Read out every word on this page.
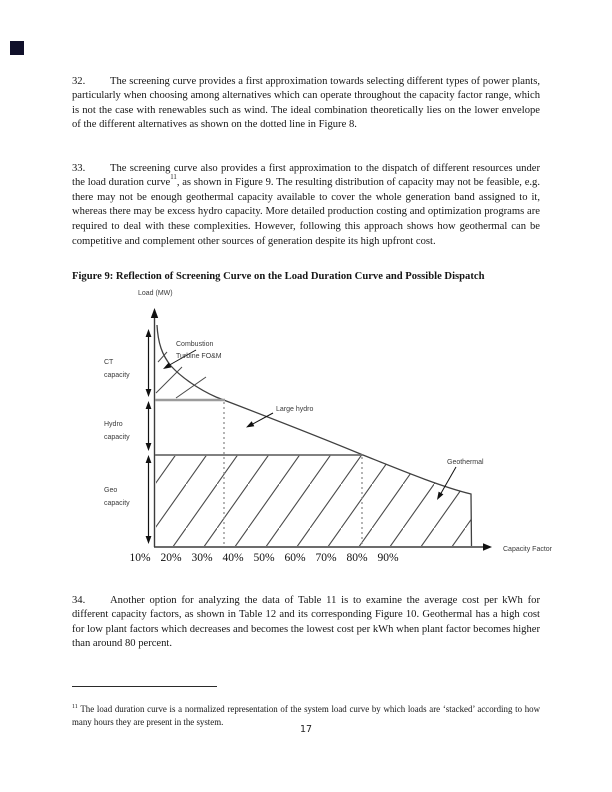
32. The screening curve provides a first approximation towards selecting different types of power plants, particularly when choosing among alternatives which can operate throughout the capacity factor range, which is not the case with renewables such as wind. The ideal combination theoretically lies on the lower envelope of the different alternatives as shown on the dotted line in Figure 8.

33. The screening curve also provides a first approximation to the dispatch of different resources under the load duration curve$^{11}$, as shown in Figure 9. The resulting distribution of capacity may not be feasible, e.g. there may not be enough geothermal capacity available to cover the whole generation band assigned to it, whereas there may be excess hydro capacity. More detailed production costing and optimization programs are required to deal with these complexities. However, following this approach shows how geothermal can be competitive and complement other sources of generation despite its high upfront cost.

Figure 9: Reflection of Screening Curve on the Load Duration Curve and Possible Dispatch

Load (MW)
Capacity Factor
CT
capacity
Hydro
capacity
Geo
capacity
Combustion
Turbine FO&M
Large hydro
Geothermal
10% 20% 30% 40% 50% 60% 70% 80% 90%

34. Another option for analyzing the data of Table 11 is to examine the average cost per kWh for different capacity factors, as shown in Table 12 and its corresponding Figure 10. Geothermal has a high cost for low plant factors which decreases and becomes the lowest cost per kWh when plant factor becomes higher than around 80 percent.

$^{11}$ The load duration curve is a normalized representation of the system load curve by which loads are ‘stacked’ according to how many hours they are present in the system.

17
